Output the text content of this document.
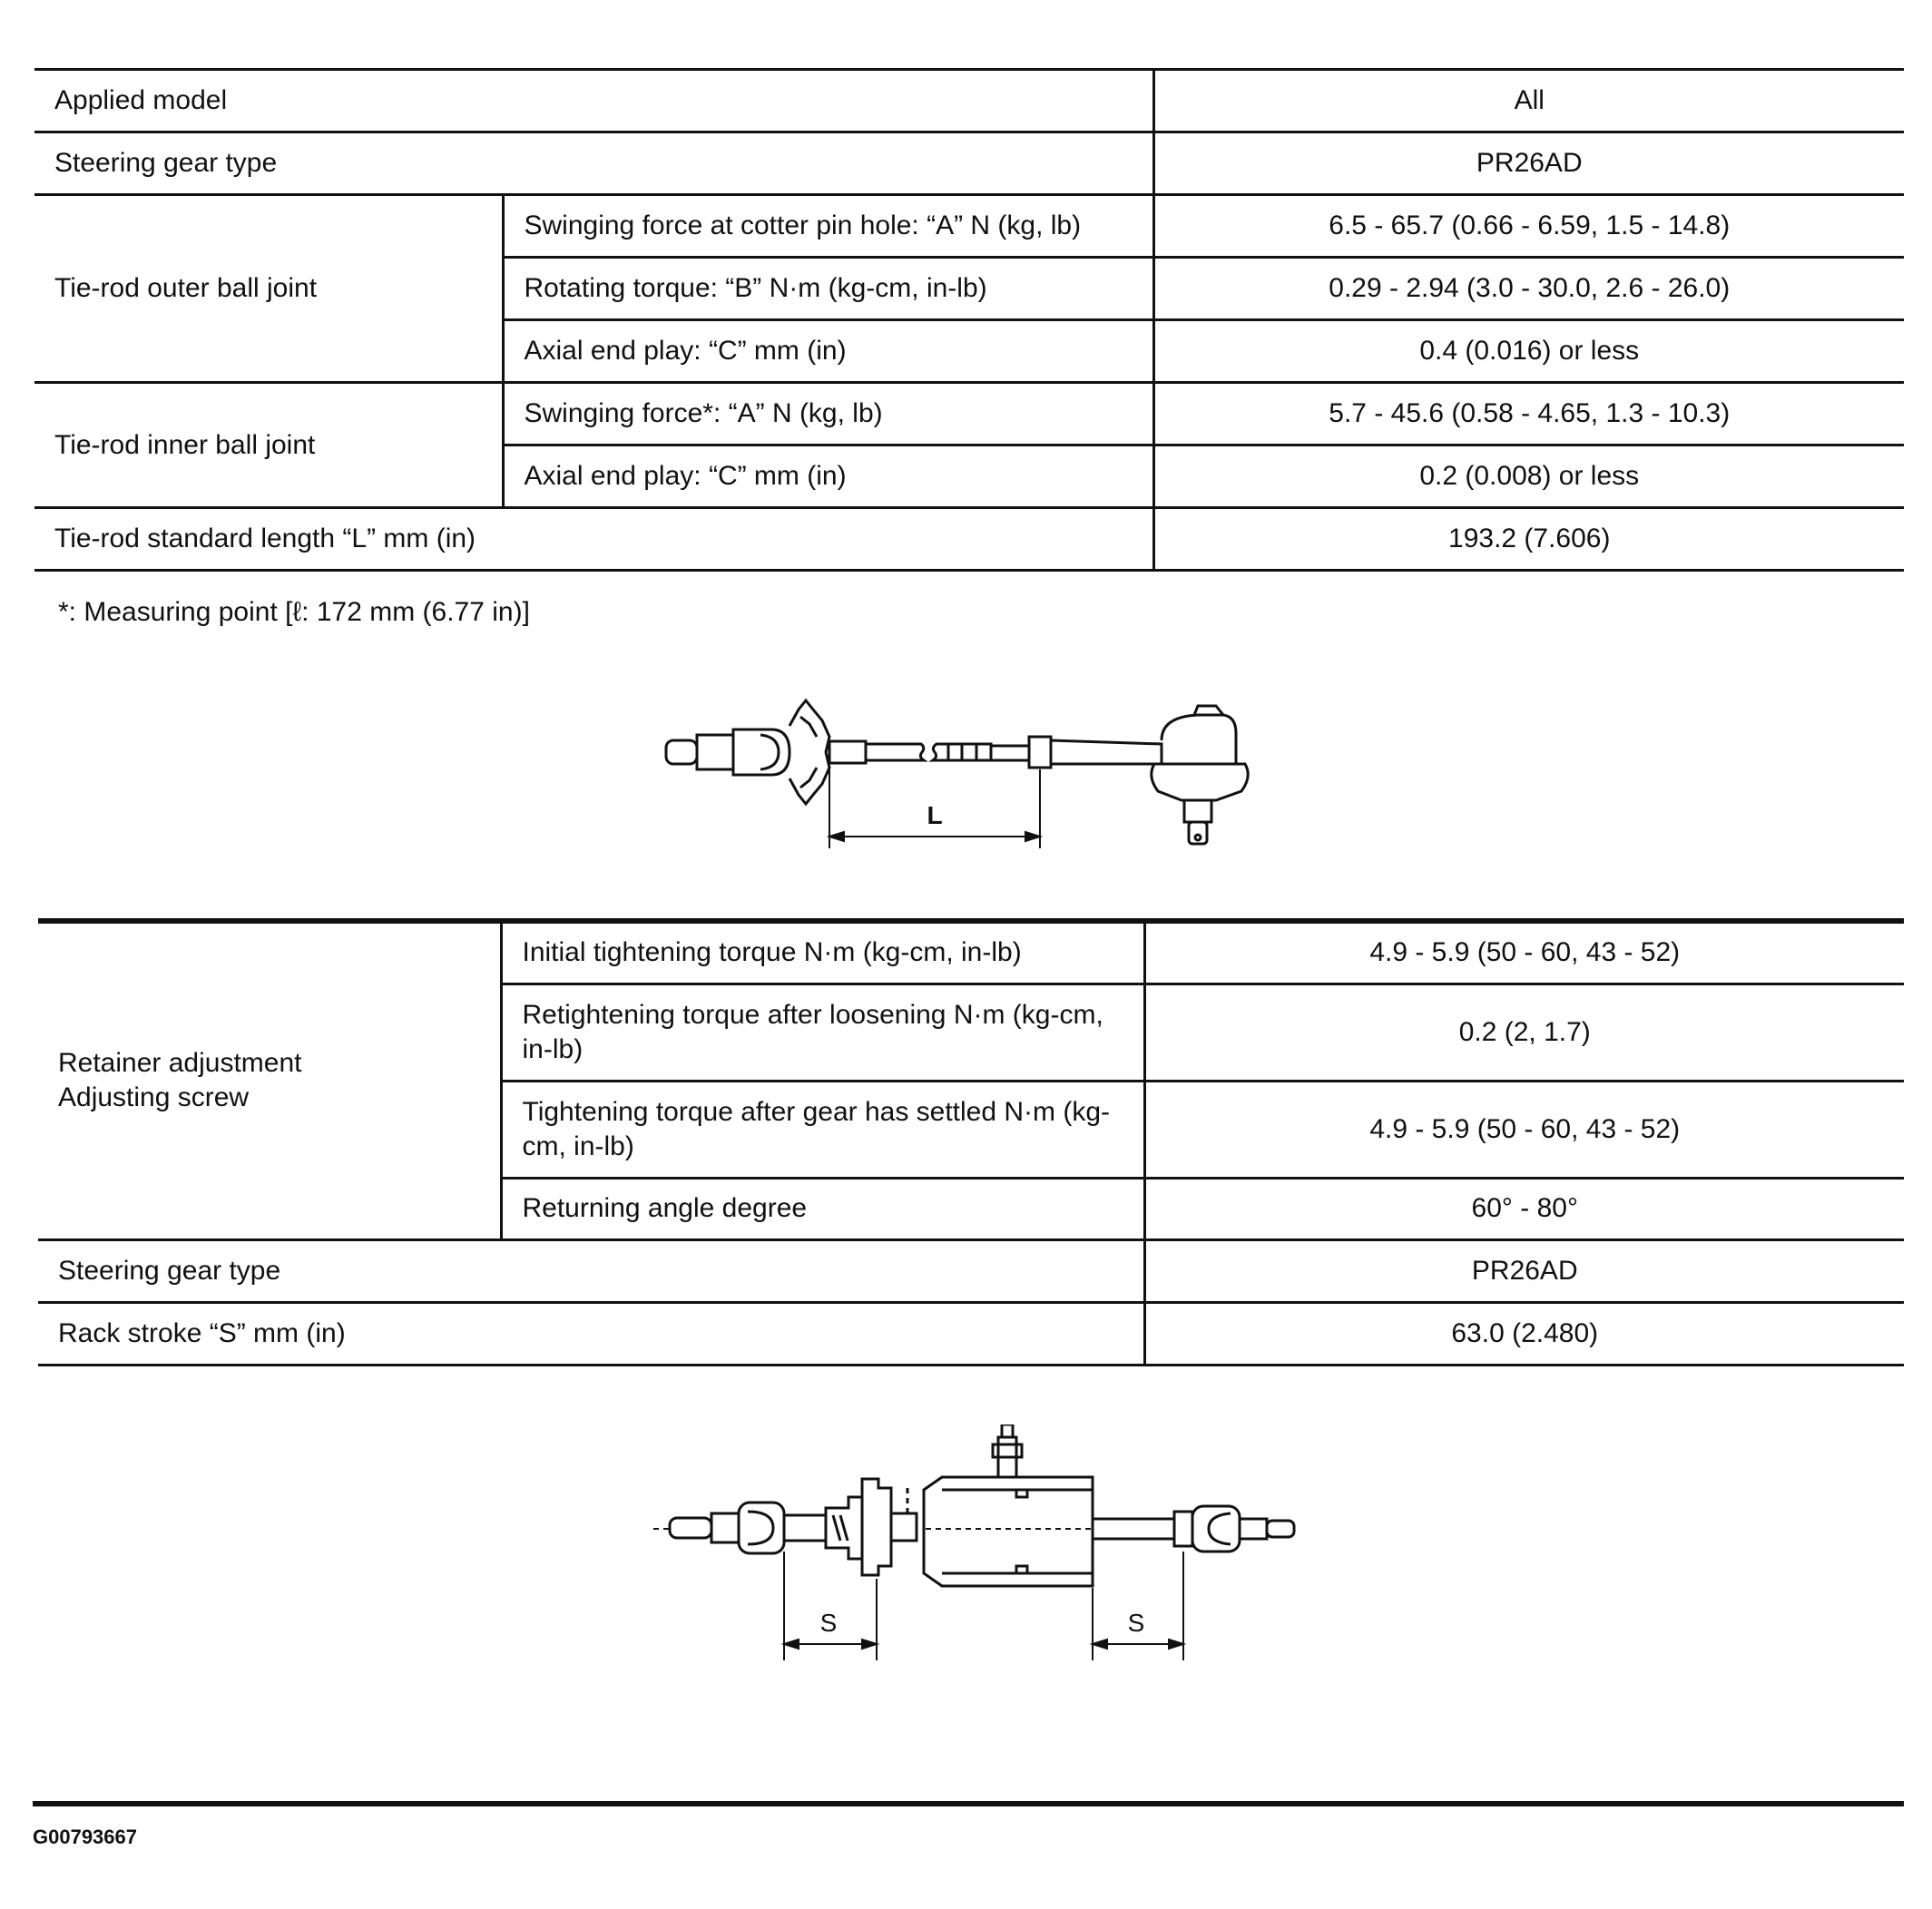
Applied model		All
Steering gear type		PR26AD
Tie-rod outer ball joint	Swinging force at cotter pin hole: “A” N (kg, lb)	6.5 - 65.7 (0.66 - 6.59, 1.5 - 14.8)
	Rotating torque: “B” N·m (kg-cm, in-lb)	0.29 - 2.94 (3.0 - 30.0, 2.6 - 26.0)
	Axial end play: “C” mm (in)	0.4 (0.016) or less
Tie-rod inner ball joint	Swinging force*: “A” N (kg, lb)	5.7 - 45.6 (0.58 - 4.65, 1.3 - 10.3)
	Axial end play: “C” mm (in)	0.2 (0.008) or less
Tie-rod standard length “L” mm (in)		193.2 (7.606)
*: Measuring point [ℓ: 172 mm (6.77 in)]
L
Retainer adjustment
Adjusting screw	Initial tightening torque N·m (kg-cm, in-lb)	4.9 - 5.9 (50 - 60, 43 - 52)
	Retightening torque after loosening N·m (kg-cm, in-lb)	0.2 (2, 1.7)
	Tightening torque after gear has settled N·m (kg-cm, in-lb)	4.9 - 5.9 (50 - 60, 43 - 52)
	Returning angle degree	60° - 80°
Steering gear type		PR26AD
Rack stroke “S” mm (in)		63.0 (2.480)
S	S
G00793667
